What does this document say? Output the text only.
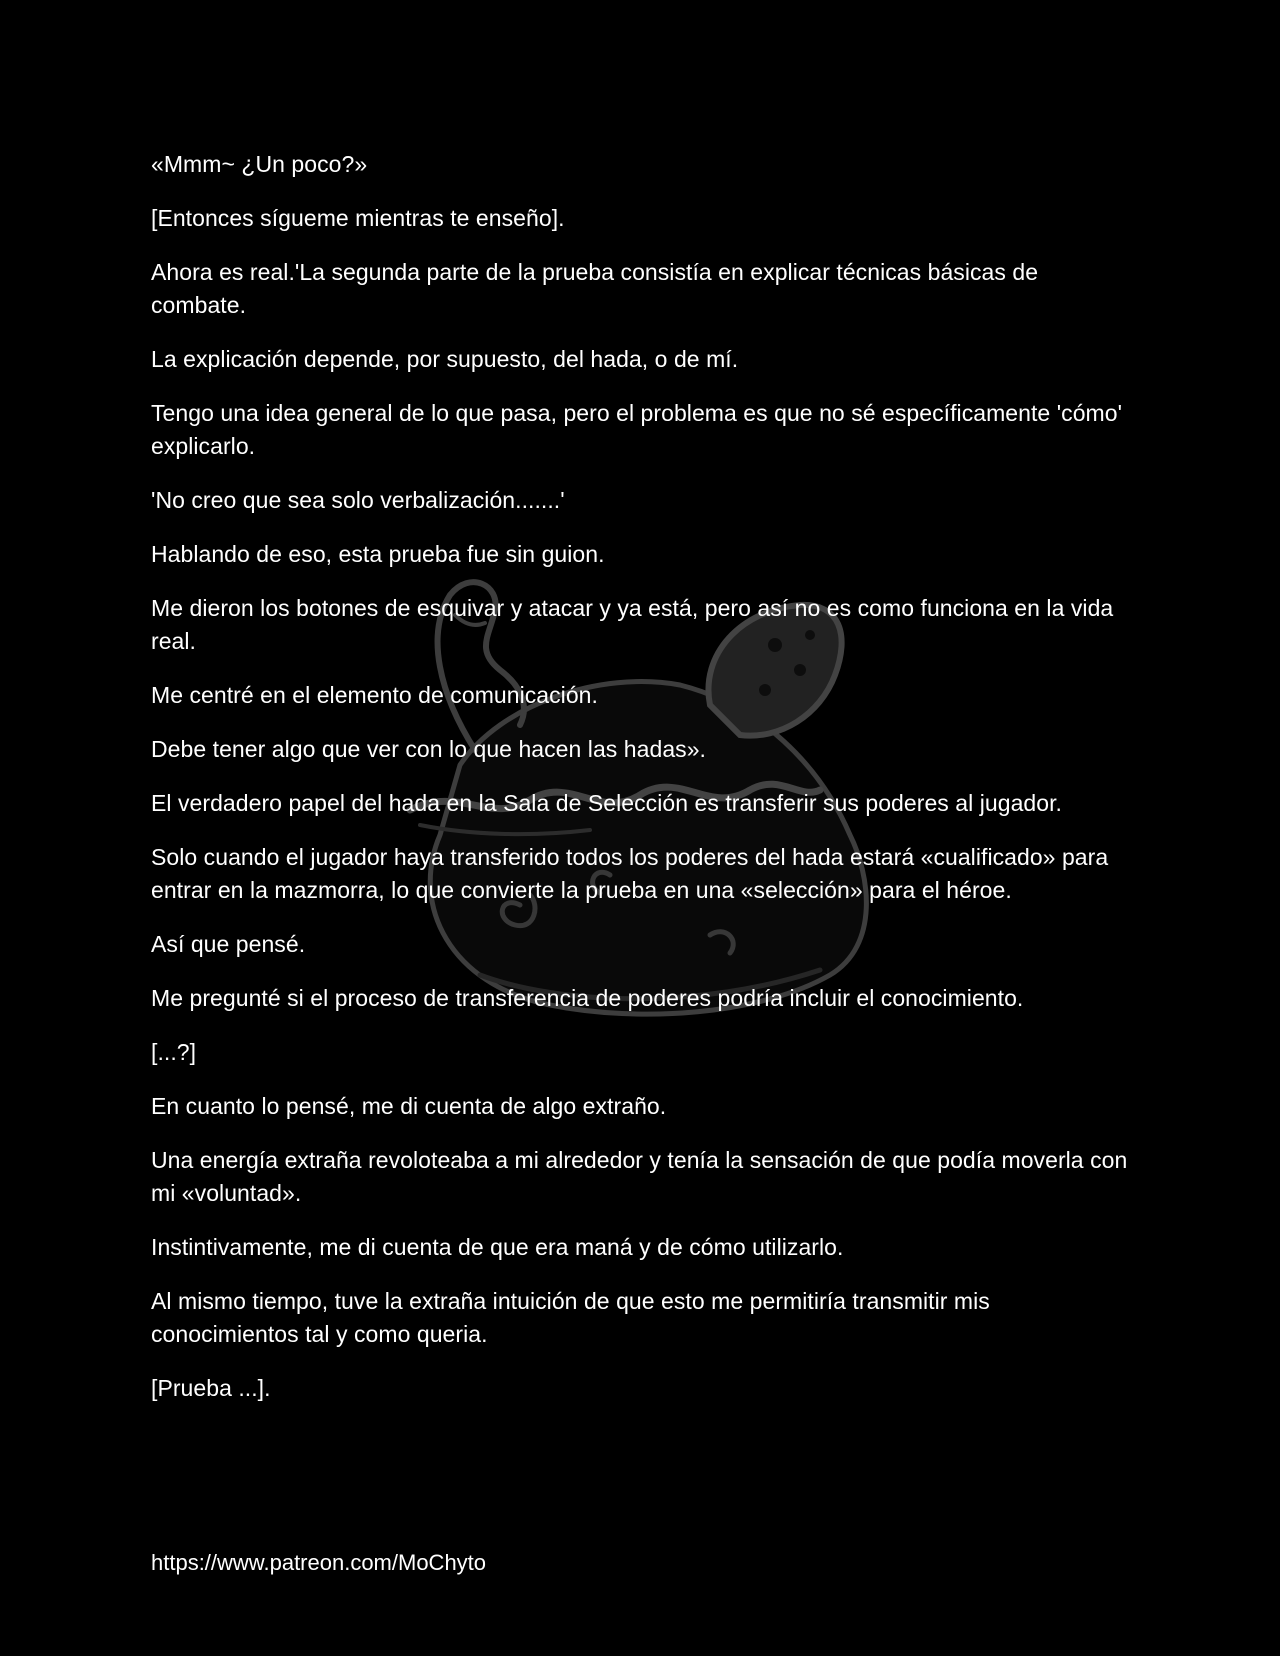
«Mmm~ ¿Un poco?»

[Entonces sígueme mientras te enseño].

Ahora es real.'La segunda parte de la prueba consistía en explicar técnicas básicas de combate.

La explicación depende, por supuesto, del hada, o de mí.

Tengo una idea general de lo que pasa, pero el problema es que no sé específicamente 'cómo' explicarlo.

'No creo que sea solo verbalización.......'

Hablando de eso, esta prueba fue sin guion.

Me dieron los botones de esquivar y atacar y ya está, pero así no es como funciona en la vida real.

Me centré en el elemento de comunicación.

Debe tener algo que ver con lo que hacen las hadas».

El verdadero papel del hada en la Sala de Selección es transferir sus poderes al jugador.

Solo cuando el jugador haya transferido todos los poderes del hada estará «cualificado» para entrar en la mazmorra, lo que convierte la prueba en una «selección» para el héroe.

Así que pensé.

Me pregunté si el proceso de transferencia de poderes podría incluir el conocimiento.

[...?]

En cuanto lo pensé, me di cuenta de algo extraño.

Una energía extraña revoloteaba a mi alrededor y tenía la sensación de que podía moverla con mi «voluntad».

Instintivamente, me di cuenta de que era maná y de cómo utilizarlo.

Al mismo tiempo, tuve la extraña intuición de que esto me permitiría transmitir mis conocimientos tal y como queria.

[Prueba ...].

https://www.patreon.com/MoChyto
